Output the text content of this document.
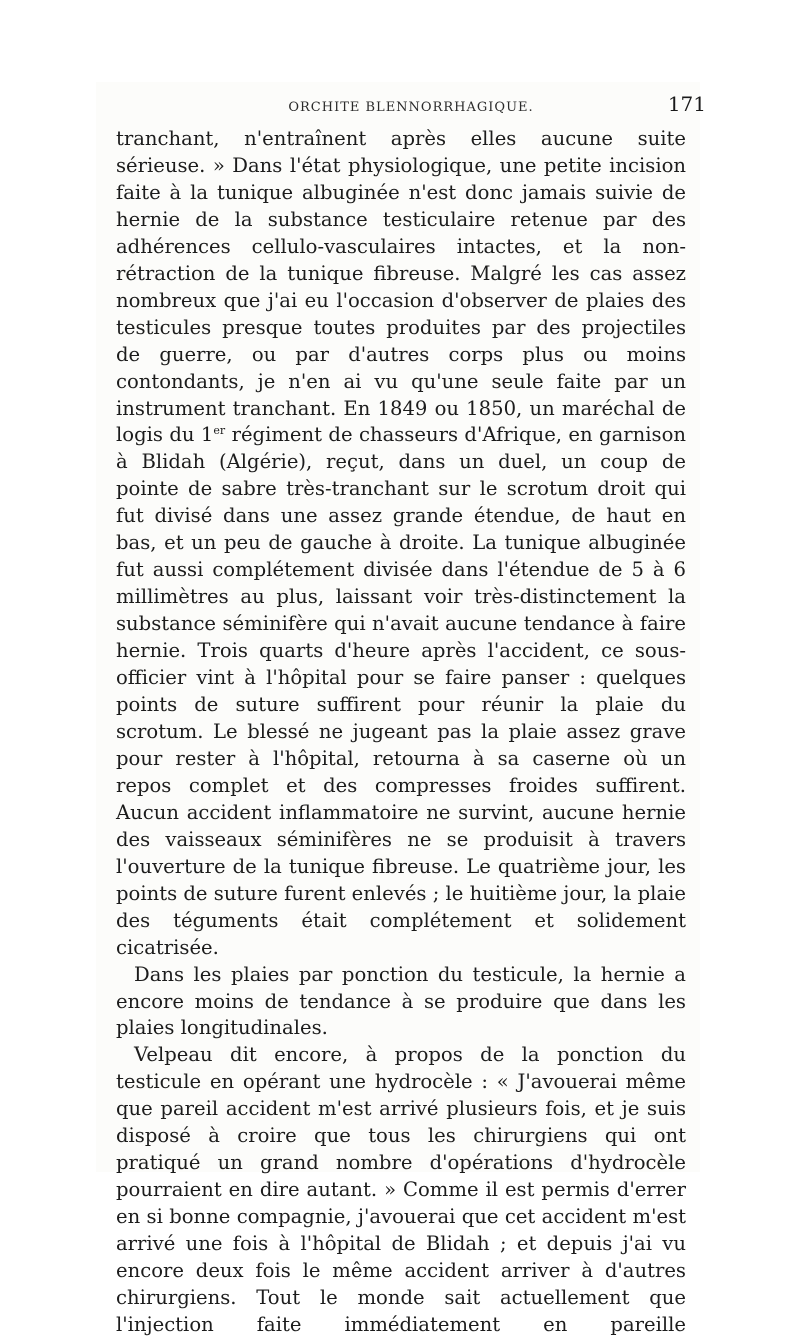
ORCHITE BLENNORRHAGIQUE.	171

tranchant, n'entraînent après elles aucune suite sérieuse. » Dans l'état physiologique, une petite incision faite à la tunique albuginée n'est donc jamais suivie de hernie de la substance testiculaire retenue par des adhérences cellulo-vasculaires intactes, et la non-rétraction de la tunique fibreuse. Malgré les cas assez nombreux que j'ai eu l'occasion d'observer de plaies des testicules presque toutes produites par des projectiles de guerre, ou par d'autres corps plus ou moins contondants, je n'en ai vu qu'une seule faite par un instrument tranchant. En 1849 ou 1850, un maréchal de logis du 1er régiment de chasseurs d'Afrique, en garnison à Blidah (Algérie), reçut, dans un duel, un coup de pointe de sabre très-tranchant sur le scrotum droit qui fut divisé dans une assez grande étendue, de haut en bas, et un peu de gauche à droite. La tunique albuginée fut aussi complétement divisée dans l'étendue de 5 à 6 millimètres au plus, laissant voir très-distinctement la substance séminifère qui n'avait aucune tendance à faire hernie. Trois quarts d'heure après l'accident, ce sous-officier vint à l'hôpital pour se faire panser : quelques points de suture suffirent pour réunir la plaie du scrotum. Le blessé ne jugeant pas la plaie assez grave pour rester à l'hôpital, retourna à sa caserne où un repos complet et des compresses froides suffirent. Aucun accident inflammatoire ne survint, aucune hernie des vaisseaux séminifères ne se produisit à travers l'ouverture de la tunique fibreuse. Le quatrième jour, les points de suture furent enlevés ; le huitième jour, la plaie des téguments était complétement et solidement cicatrisée.

Dans les plaies par ponction du testicule, la hernie a encore moins de tendance à se produire que dans les plaies longitudinales.

Velpeau dit encore, à propos de la ponction du testicule en opérant une hydrocèle : « J'avouerai même que pareil accident m'est arrivé plusieurs fois, et je suis disposé à croire que tous les chirurgiens qui ont pratiqué un grand nombre d'opérations d'hydrocèle pourraient en dire autant. » Comme il est permis d'errer en si bonne compagnie, j'avouerai que cet accident m'est arrivé une fois à l'hôpital de Blidah ; et depuis j'ai vu encore deux fois le même accident arriver à d'autres chirurgiens. Tout le monde sait actuellement que l'injection faite immédiatement en pareille
